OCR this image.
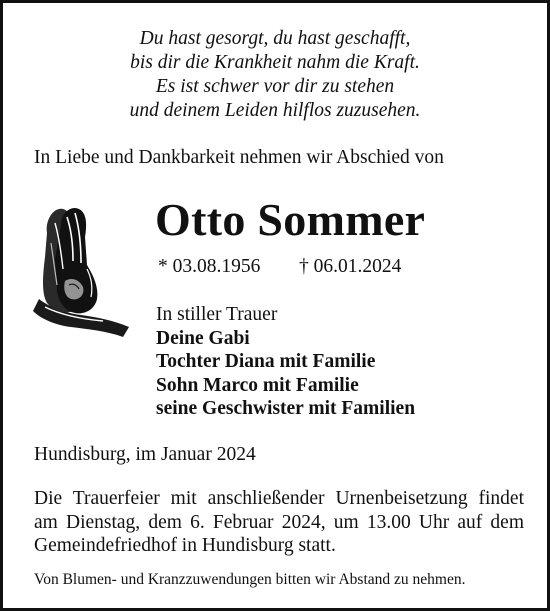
Du hast gesorgt, du hast geschafft,
bis dir die Krankheit nahm die Kraft.
Es ist schwer vor dir zu stehen
und deinem Leiden hilflos zuzusehen.
In Liebe und Dankbarkeit nehmen wir Abschied von
Otto Sommer
* 03.08.1956 † 06.01.2024
In stiller Trauer
Deine Gabi
Tochter Diana mit Familie
Sohn Marco mit Familie
seine Geschwister mit Familien
Hundisburg, im Januar 2024
Die Trauerfeier mit anschließender Urnenbeisetzung findet
am Dienstag, dem 6. Februar 2024, um 13.00 Uhr auf dem
Gemeindefriedhof in Hundisburg statt.
Von Blumen- und Kranzzuwendungen bitten wir Abstand zu nehmen.
